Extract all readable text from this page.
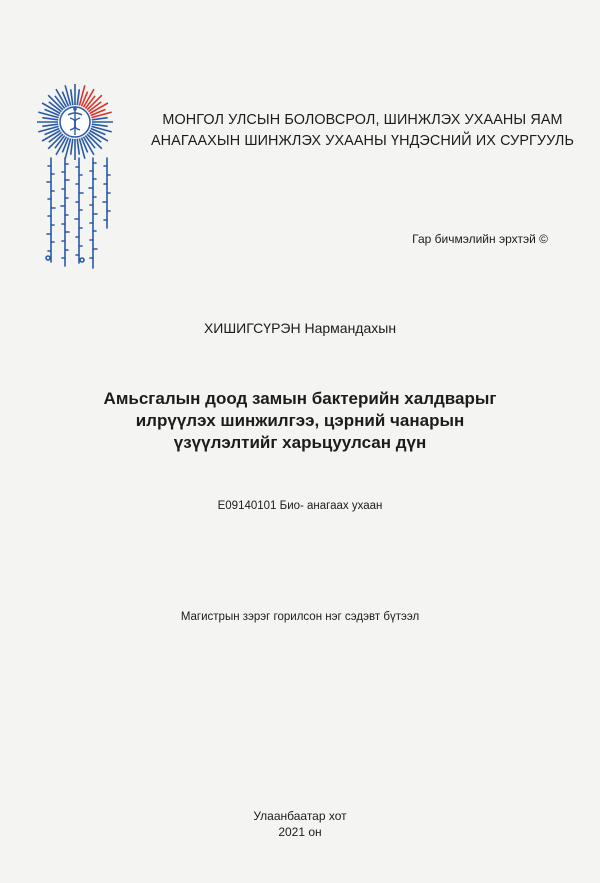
МОНГОЛ УЛСЫН БОЛОВСРОЛ, ШИНЖЛЭХ УХААНЫ ЯАМ
АНАГААХЫН ШИНЖЛЭХ УХААНЫ ҮНДЭСНИЙ ИХ СУРГУУЛЬ
Гар бичмэлийн эрхтэй ©
ХИШИГСҮРЭН Нармандахын
Амьсгалын доод замын бактерийн халдварыг
илрүүлэх шинжилгээ, цэрний чанарын
үзүүлэлтийг харьцуулсан дүн
E09140101 Био- анагаах ухаан
Магистрын зэрэг горилсон нэг сэдэвт бүтээл
Улаанбаатар хот
2021 он
